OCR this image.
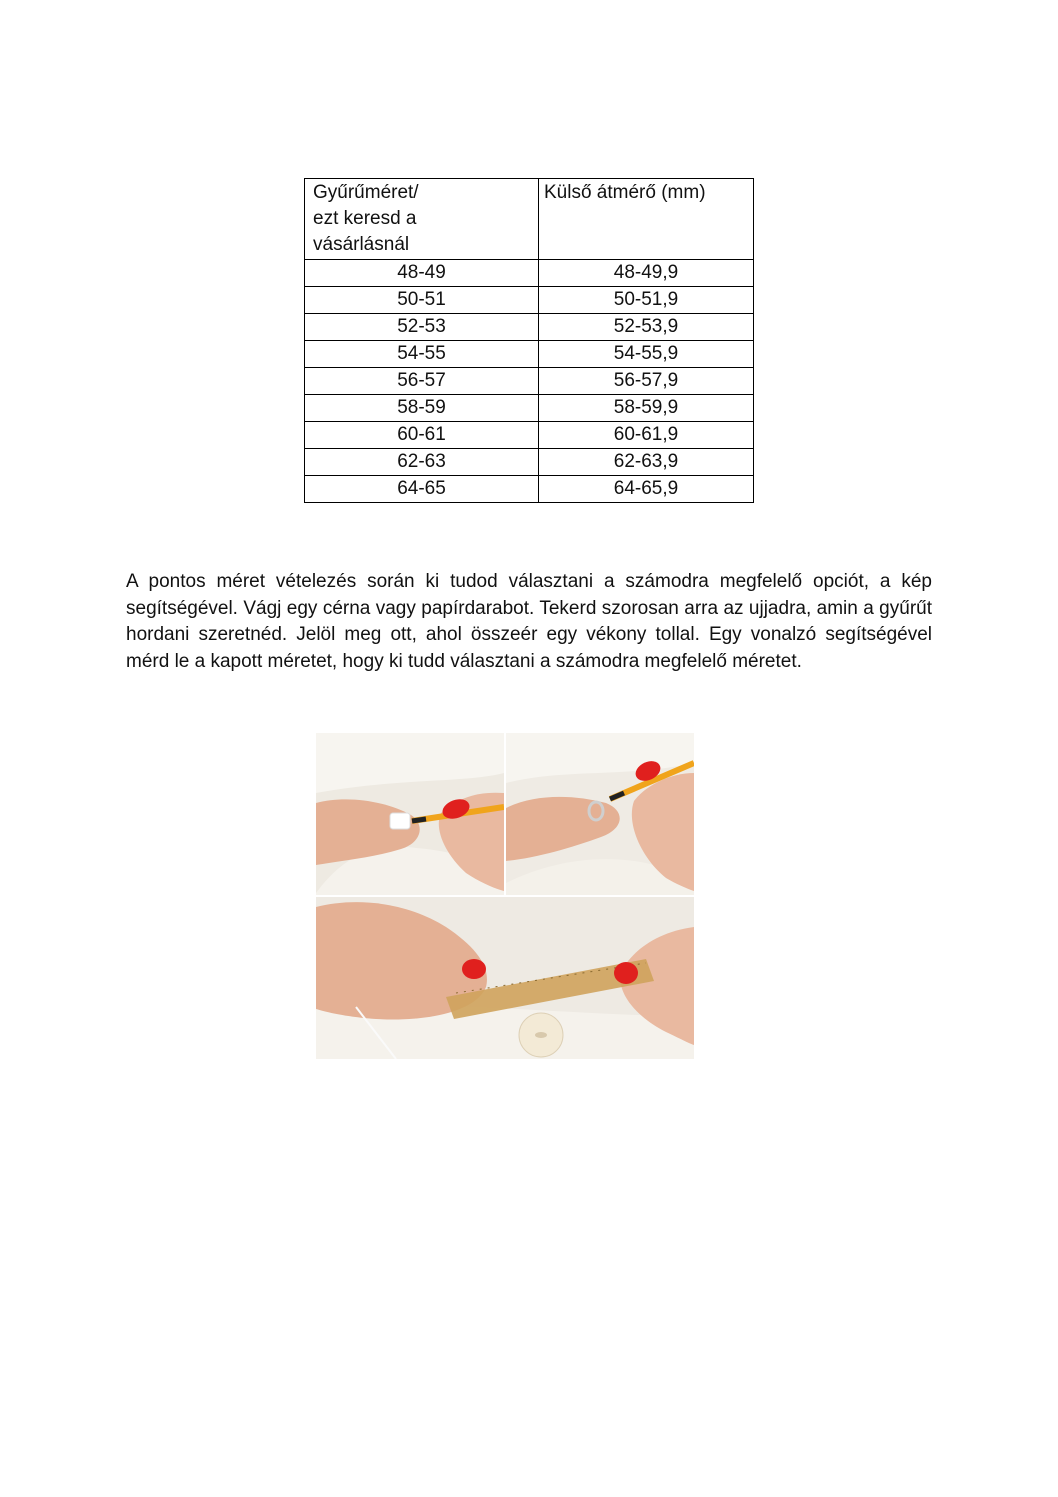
Gyűrűméret/
ezt keresd a
vásárlásnál	Külső átmérő (mm)
48-49	48-49,9
50-51	50-51,9
52-53	52-53,9
54-55	54-55,9
56-57	56-57,9
58-59	58-59,9
60-61	60-61,9
62-63	62-63,9
64-65	64-65,9

A pontos méret vételezés során ki tudod választani a számodra megfelelő opciót, a kép segítségével. Vágj egy cérna vagy papírdarabot. Tekerd szorosan arra az ujjadra, amin a gyűrűt hordani szeretnéd. Jelöl meg ott, ahol összeér egy vékony tollal. Egy vonalzó segítségével mérd le a kapott méretet, hogy ki tudd választani a számodra megfelelő méretet.
